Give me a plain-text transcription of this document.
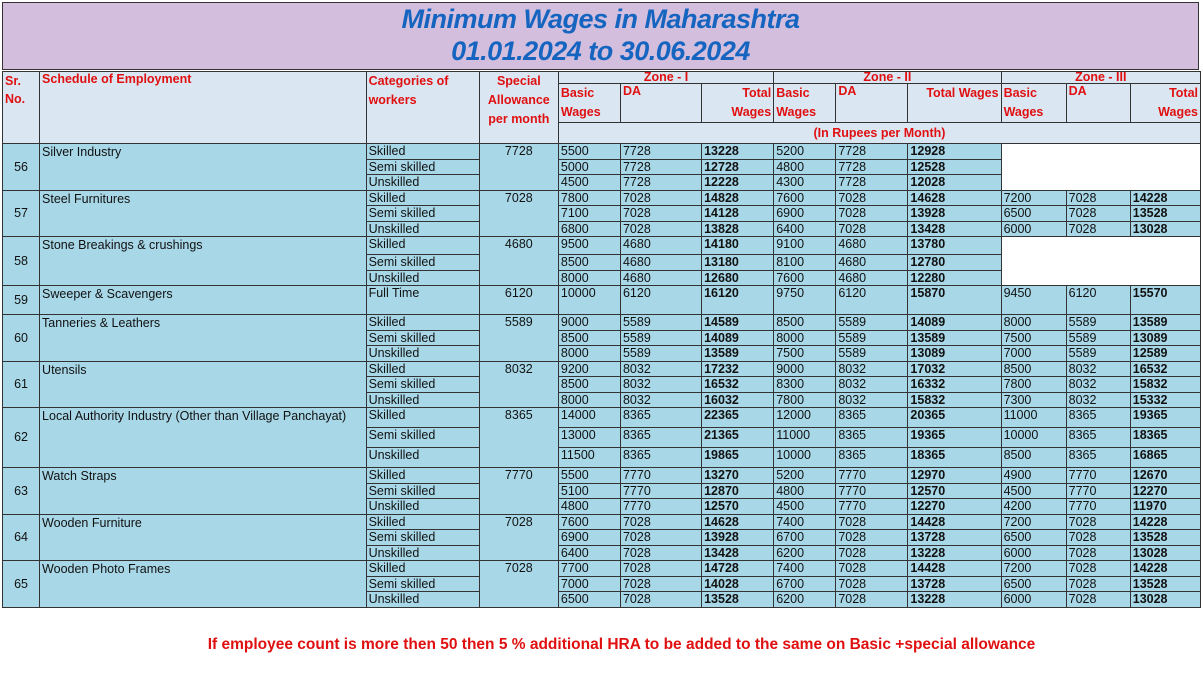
Minimum Wages in Maharashtra
01.01.2024 to 30.06.2024
Sr. No.	Schedule of Employment	Categories of workers	Special Allowance per month	Zone - I			Zone - II			Zone - III		
				Basic Wages	DA	Total Wages	Basic Wages	DA	Total Wages	Basic Wages	DA	Total Wages
				(In Rupees per Month)								
56	Silver Industry	Skilled	7728	5500	7728	13228	5200	7728	12928			
		Semi skilled		5000	7728	12728	4800	7728	12528			
		Unskilled		4500	7728	12228	4300	7728	12028			
57	Steel Furnitures	Skilled	7028	7800	7028	14828	7600	7028	14628	7200	7028	14228
		Semi skilled		7100	7028	14128	6900	7028	13928	6500	7028	13528
		Unskilled		6800	7028	13828	6400	7028	13428	6000	7028	13028
58	Stone Breakings & crushings	Skilled	4680	9500	4680	14180	9100	4680	13780			
		Semi skilled		8500	4680	13180	8100	4680	12780			
		Unskilled		8000	4680	12680	7600	4680	12280			
59	Sweeper & Scavengers	Full Time	6120	10000	6120	16120	9750	6120	15870	9450	6120	15570
60	Tanneries & Leathers	Skilled	5589	9000	5589	14589	8500	5589	14089	8000	5589	13589
		Semi skilled		8500	5589	14089	8000	5589	13589	7500	5589	13089
		Unskilled		8000	5589	13589	7500	5589	13089	7000	5589	12589
61	Utensils	Skilled	8032	9200	8032	17232	9000	8032	17032	8500	8032	16532
		Semi skilled		8500	8032	16532	8300	8032	16332	7800	8032	15832
		Unskilled		8000	8032	16032	7800	8032	15832	7300	8032	15332
62	Local Authority Industry (Other than Village Panchayat)	Skilled	8365	14000	8365	22365	12000	8365	20365	11000	8365	19365
		Semi skilled		13000	8365	21365	11000	8365	19365	10000	8365	18365
		Unskilled		11500	8365	19865	10000	8365	18365	8500	8365	16865
63	Watch Straps	Skilled	7770	5500	7770	13270	5200	7770	12970	4900	7770	12670
		Semi skilled		5100	7770	12870	4800	7770	12570	4500	7770	12270
		Unskilled		4800	7770	12570	4500	7770	12270	4200	7770	11970
64	Wooden Furniture	Skilled	7028	7600	7028	14628	7400	7028	14428	7200	7028	14228
		Semi skilled		6900	7028	13928	6700	7028	13728	6500	7028	13528
		Unskilled		6400	7028	13428	6200	7028	13228	6000	7028	13028
65	Wooden Photo Frames	Skilled	7028	7700	7028	14728	7400	7028	14428	7200	7028	14228
		Semi skilled		7000	7028	14028	6700	7028	13728	6500	7028	13528
		Unskilled		6500	7028	13528	6200	7028	13228	6000	7028	13028
If employee count is more then 50 then 5 % additional HRA to be added to the same on Basic +special allowance
